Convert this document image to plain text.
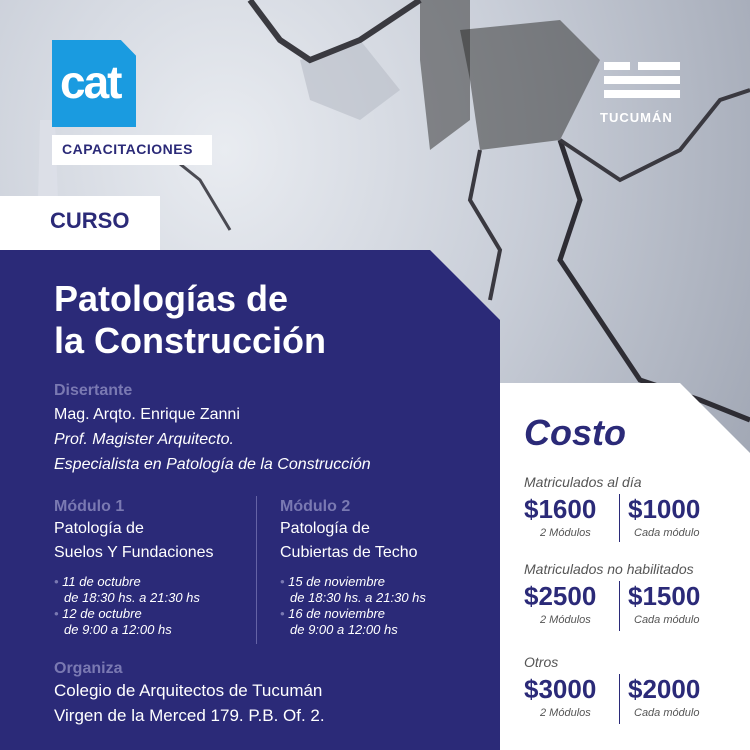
cat
CAPACITACIONES
TUCUMÁN
CURSO
Patologías de
la Construcción
Disertante
Mag. Arqto. Enrique Zanni
Prof. Magister Arquitecto.
Especialista en Patología de la Construcción
Módulo 1
Patología de
Suelos Y Fundaciones
• 11 de octubre
de 18:30 hs. a 21:30 hs
• 12 de octubre
de 9:00 a 12:00 hs
Módulo 2
Patología de
Cubiertas de Techo
• 15 de noviembre
de 18:30 hs. a 21:30 hs
• 16 de noviembre
de 9:00 a 12:00 hs
Organiza
Colegio de Arquitectos de Tucumán
Virgen de la Merced 179. P.B. Of. 2.
Costo
Matriculados al día
$1600 $1000
2 Módulos	Cada módulo
Matriculados no habilitados
$2500 $1500
2 Módulos	Cada módulo
Otros
$3000 $2000
2 Módulos	Cada módulo
